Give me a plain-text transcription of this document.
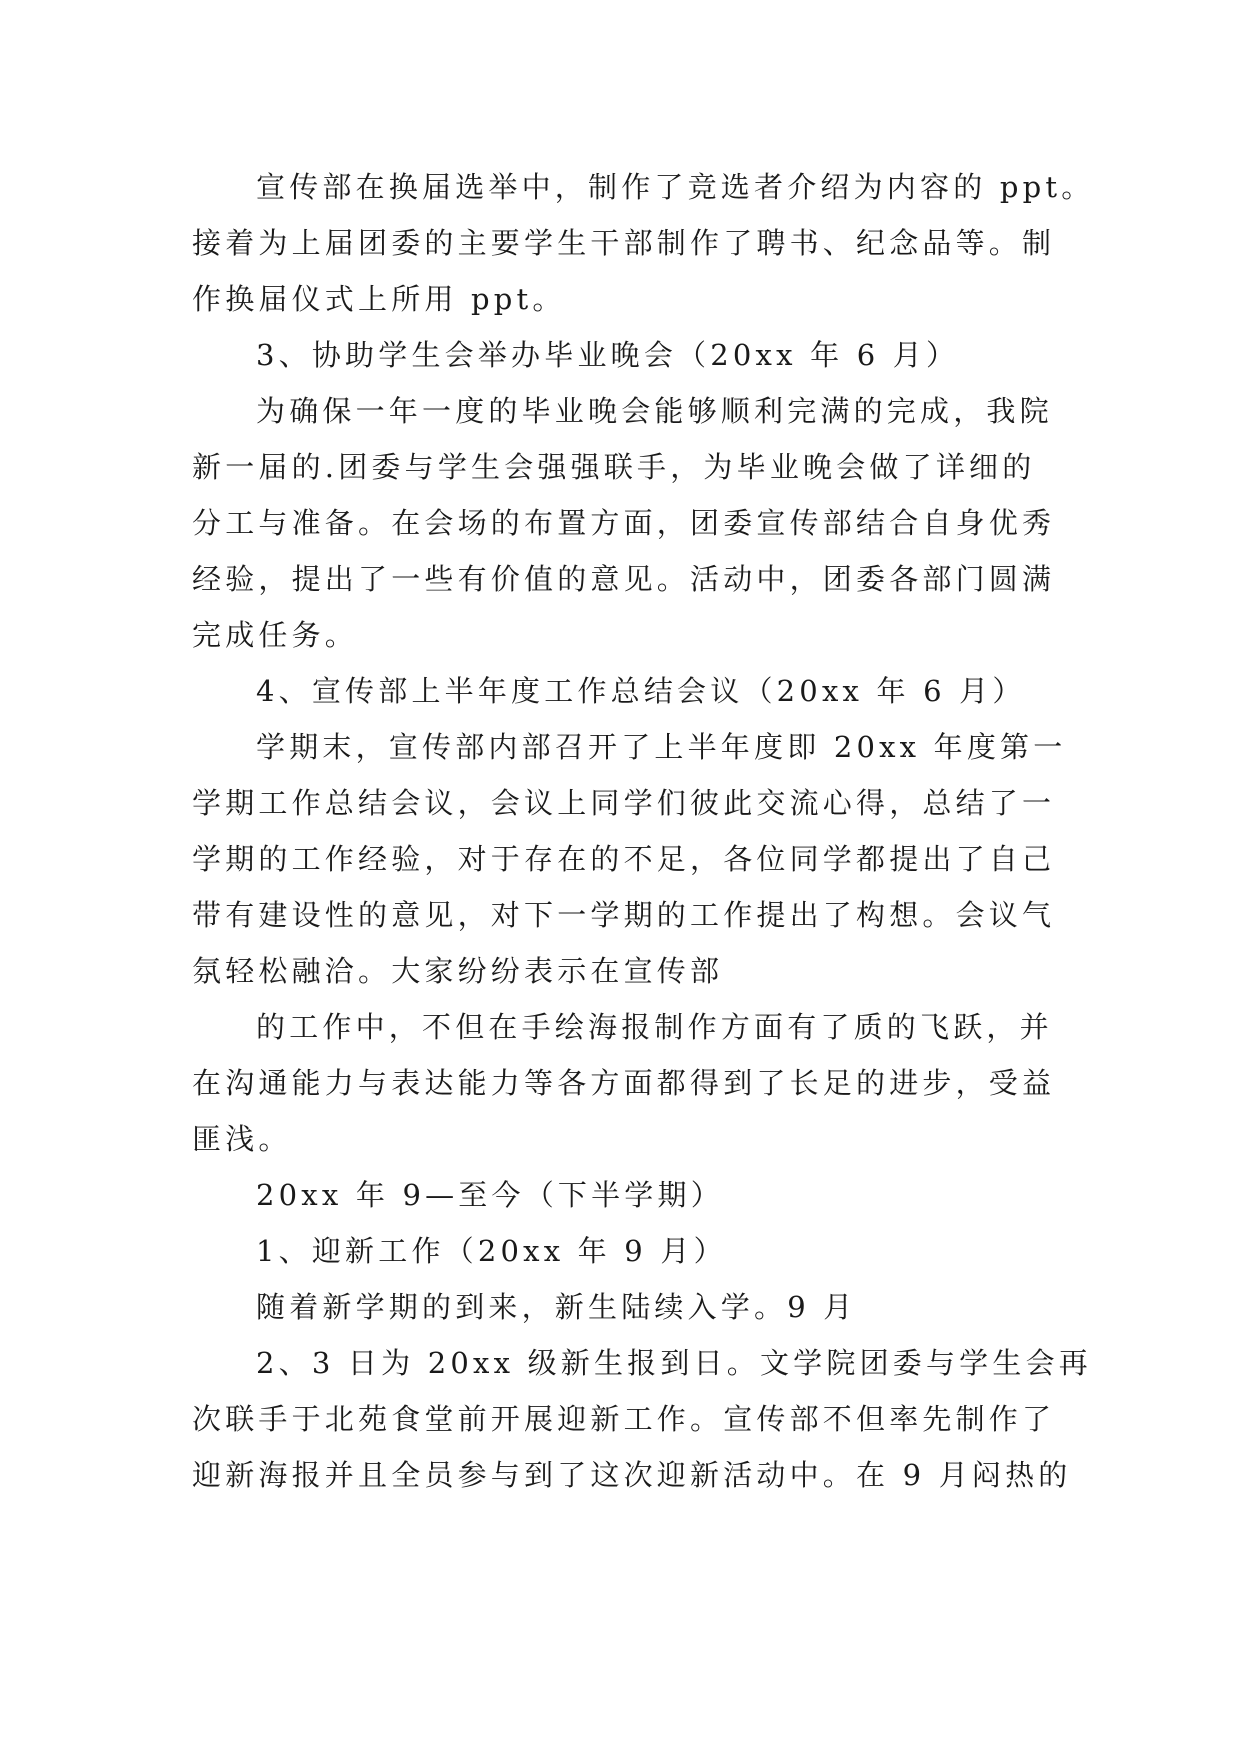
宣传部在换届选举中，制作了竞选者介绍为内容的 ppt。
接着为上届团委的主要学生干部制作了聘书、纪念品等。制
作换届仪式上所用 ppt。
3、协助学生会举办毕业晚会（20xx 年 6 月）
为确保一年一度的毕业晚会能够顺利完满的完成，我院
新一届的.团委与学生会强强联手，为毕业晚会做了详细的
分工与准备。在会场的布置方面，团委宣传部结合自身优秀
经验，提出了一些有价值的意见。活动中，团委各部门圆满
完成任务。
4、宣传部上半年度工作总结会议（20xx 年 6 月）
学期末，宣传部内部召开了上半年度即 20xx 年度第一
学期工作总结会议，会议上同学们彼此交流心得，总结了一
学期的工作经验，对于存在的不足，各位同学都提出了自己
带有建设性的意见，对下一学期的工作提出了构想。会议气
氛轻松融洽。大家纷纷表示在宣传部
的工作中，不但在手绘海报制作方面有了质的飞跃，并
在沟通能力与表达能力等各方面都得到了长足的进步，受益
匪浅。
20xx 年 9—至今（下半学期）
1、迎新工作（20xx 年 9 月）
随着新学期的到来，新生陆续入学。9 月
2、3 日为 20xx 级新生报到日。文学院团委与学生会再
次联手于北苑食堂前开展迎新工作。宣传部不但率先制作了
迎新海报并且全员参与到了这次迎新活动中。在 9 月闷热的
